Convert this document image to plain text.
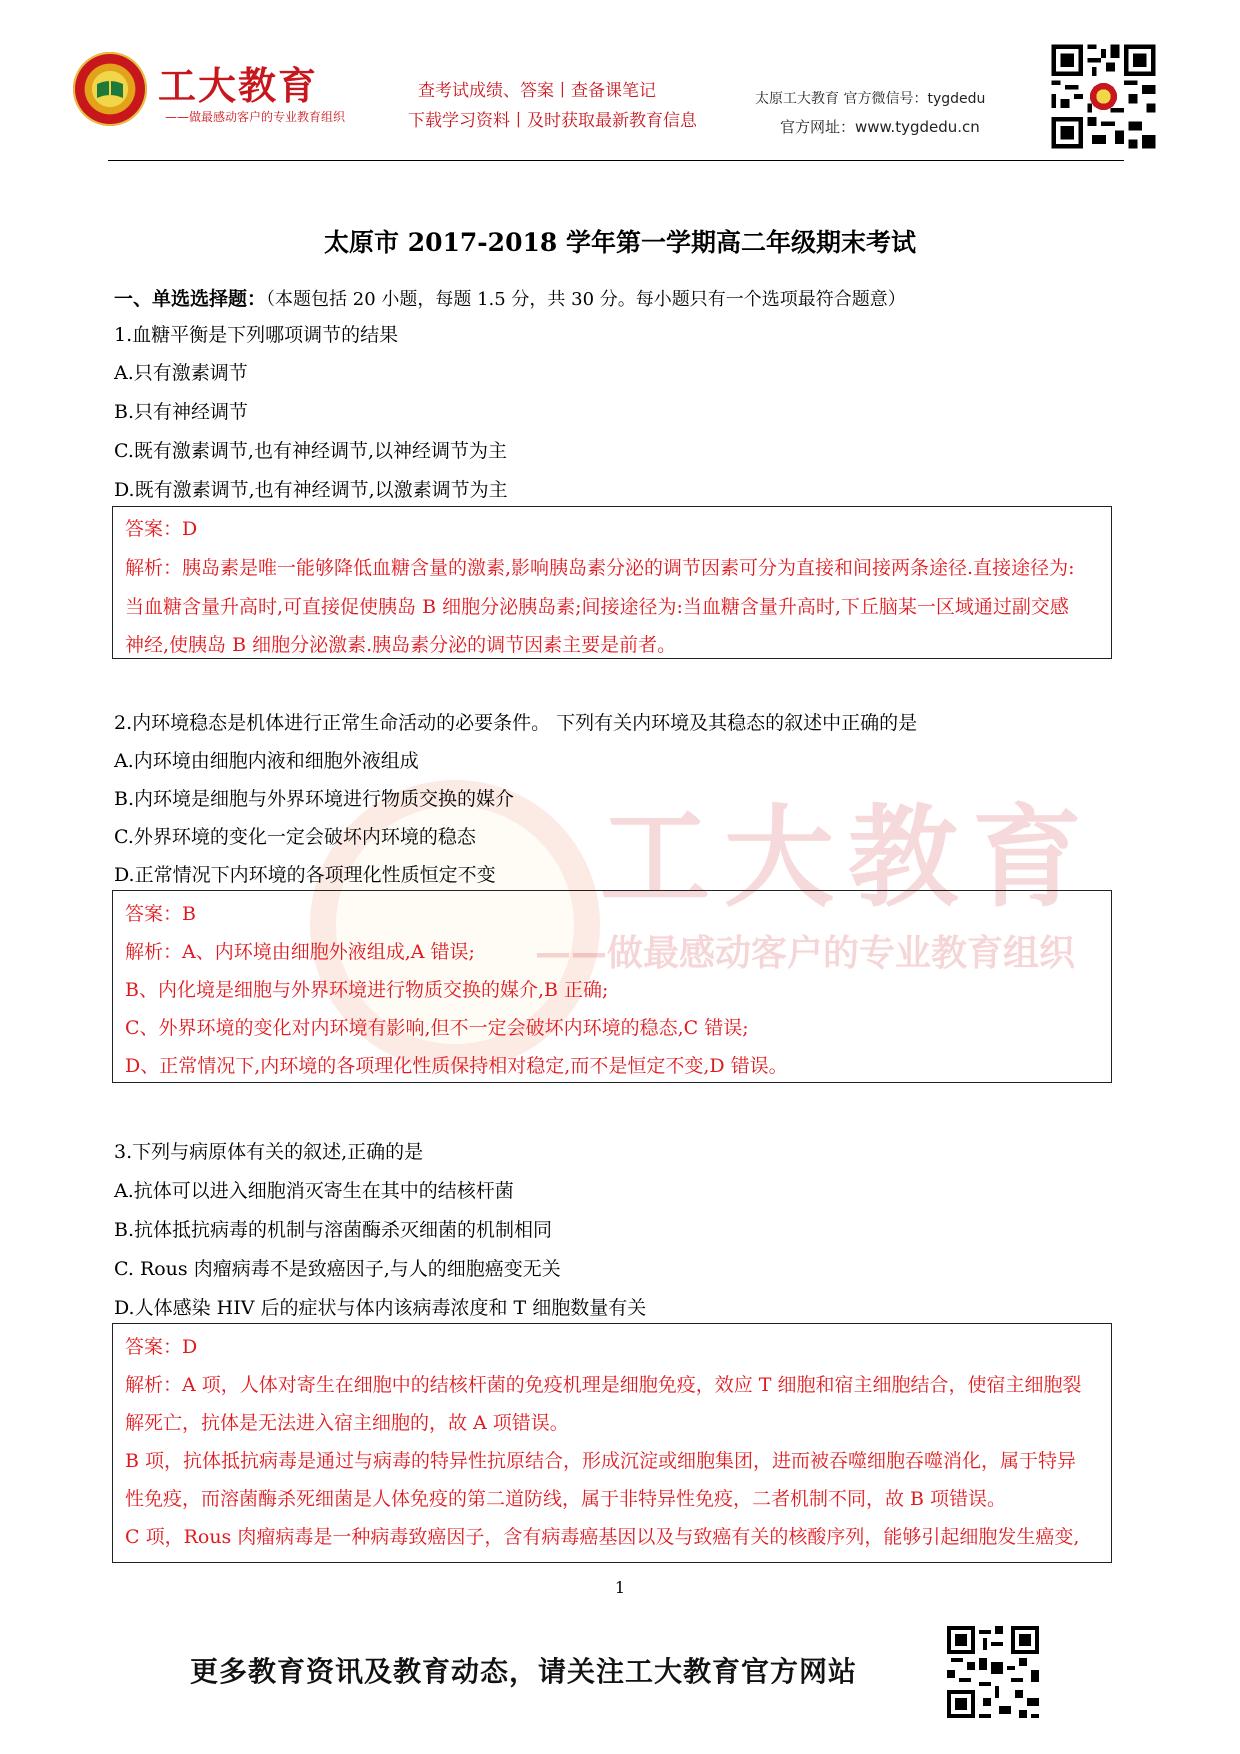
工大教育
——做最感动客户的专业教育组织
查考试成绩、答案丨查备课笔记
下载学习资料丨及时获取最新教育信息
太原工大教育 官方微信号：tygdedu
官方网址：www.tygdedu.cn
工大教育
——做最感动客户的专业教育组织
太原市 2017-2018 学年第一学期高二年级期末考试
一、单选选择题：（本题包括 20 小题，每题 1.5 分，共 30 分。每小题只有一个选项最符合题意）
1.血糖平衡是下列哪项调节的结果
A.只有激素调节
B.只有神经调节
C.既有激素调节,也有神经调节,以神经调节为主
D.既有激素调节,也有神经调节,以激素调节为主
答案：D
解析：胰岛素是唯一能够降低血糖含量的激素,影响胰岛素分泌的调节因素可分为直接和间接两条途径.直接途径为:
当血糖含量升高时,可直接促使胰岛 B 细胞分泌胰岛素;间接途径为:当血糖含量升高时,下丘脑某一区域通过副交感
神经,使胰岛 B 细胞分泌激素.胰岛素分泌的调节因素主要是前者。
2.内环境稳态是机体进行正常生命活动的必要条件。 下列有关内环境及其稳态的叙述中正确的是
A.内环境由细胞内液和细胞外液组成
B.内环境是细胞与外界环境进行物质交换的媒介
C.外界环境的变化一定会破坏内环境的稳态
D.正常情况下内环境的各项理化性质恒定不变
答案：B
解析：A、内环境由细胞外液组成,A 错误;
B、内化境是细胞与外界环境进行物质交换的媒介,B 正确;
C、外界环境的变化对内环境有影响,但不一定会破坏内环境的稳态,C 错误;
D、正常情况下,内环境的各项理化性质保持相对稳定,而不是恒定不变,D 错误。
3.下列与病原体有关的叙述,正确的是
A.抗体可以进入细胞消灭寄生在其中的结核杆菌
B.抗体抵抗病毒的机制与溶菌酶杀灭细菌的机制相同
C. Rous 肉瘤病毒不是致癌因子,与人的细胞癌变无关
D.人体感染 HIV 后的症状与体内该病毒浓度和 T 细胞数量有关
答案：D
解析：A 项，人体对寄生在细胞中的结核杆菌的免疫机理是细胞免疫，效应 T 细胞和宿主细胞结合，使宿主细胞裂
解死亡，抗体是无法进入宿主细胞的，故 A 项错误。
B 项，抗体抵抗病毒是通过与病毒的特异性抗原结合，形成沉淀或细胞集团，进而被吞噬细胞吞噬消化，属于特异
性免疫，而溶菌酶杀死细菌是人体免疫的第二道防线，属于非特异性免疫，二者机制不同，故 B 项错误。
C 项，Rous 肉瘤病毒是一种病毒致癌因子，含有病毒癌基因以及与致癌有关的核酸序列，能够引起细胞发生癌变,
1
更多教育资讯及教育动态，请关注工大教育官方网站
